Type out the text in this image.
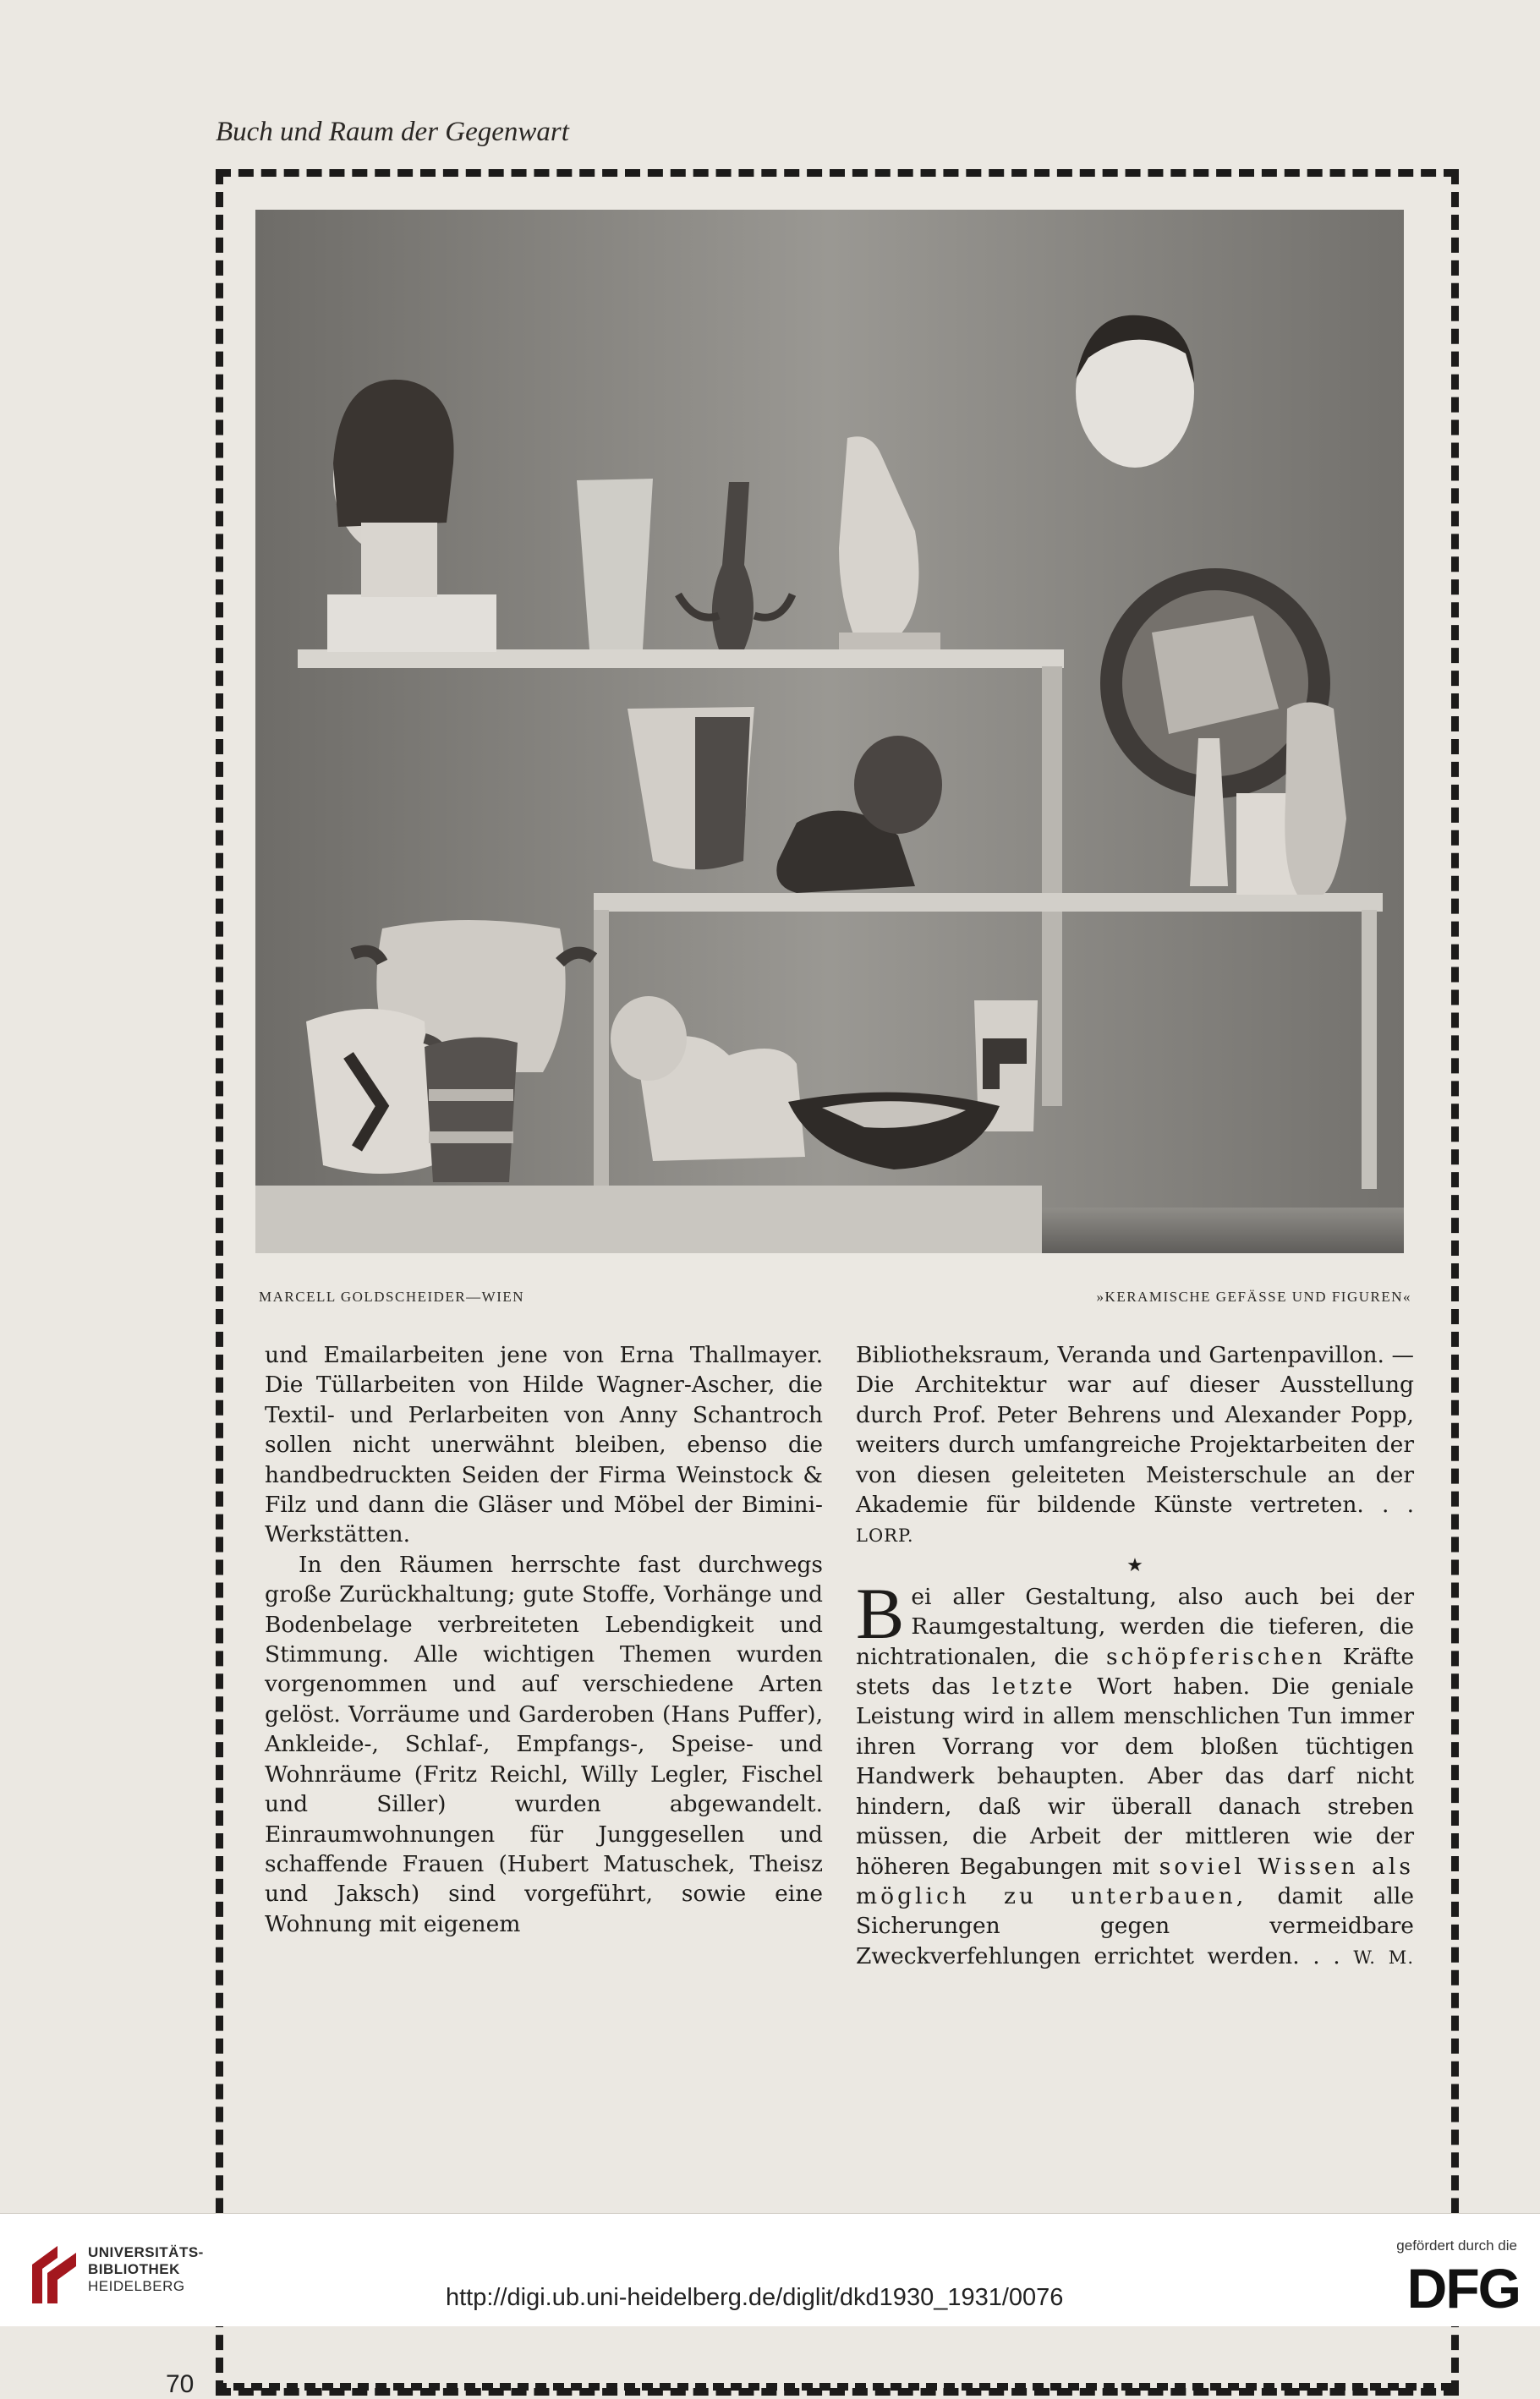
Buch und Raum der Gegenwart
70
MARCELL GOLDSCHEIDER—WIEN	»KERAMISCHE GEFÄSSE UND FIGUREN«

und Emailarbeiten jene von Erna Thallmayer. Die Tüllarbeiten von Hilde Wagner-Ascher, die Textil- und Perlarbeiten von Anny Schantroch sollen nicht unerwähnt bleiben, ebenso die handbedruckten Seiden der Firma Weinstock & Filz und dann die Gläser und Möbel der Bimini-Werkstätten.

In den Räumen herrschte fast durchwegs große Zurückhaltung; gute Stoffe, Vorhänge und Bodenbelage verbreiteten Lebendigkeit und Stimmung. Alle wichtigen Themen wurden vorgenommen und auf verschiedene Arten gelöst. Vorräume und Garderoben (Hans Puffer), Ankleide-, Schlaf-, Empfangs-, Speise- und Wohnräume (Fritz Reichl, Willy Legler, Fischel und Siller) wurden abgewandelt. Einraumwohnungen für Junggesellen und schaffende Frauen (Hubert Matuschek, Theisz und Jaksch) sind vorgeführt, sowie eine Wohnung mit eigenem

Bibliotheksraum, Veranda und Gartenpavillon. — Die Architektur war auf dieser Ausstellung durch Prof. Peter Behrens und Alexander Popp, weiters durch umfangreiche Projektarbeiten der von diesen geleiteten Meisterschule an der Akademie für bildende Künste vertreten. . . LORP.

★

Bei aller Gestaltung, also auch bei der Raumgestaltung, werden die tieferen, die nichtrationalen, die schöpferischen Kräfte stets das letzte Wort haben. Die geniale Leistung wird in allem menschlichen Tun immer ihren Vorrang vor dem bloßen tüchtigen Handwerk behaupten. Aber das darf nicht hindern, daß wir überall danach streben müssen, die Arbeit der mittleren wie der höheren Begabungen mit soviel Wissen als möglich zu unterbauen, damit alle Sicherungen gegen vermeidbare Zweckverfehlungen errichtet werden. . . W. M.

UNIVERSITÄTS-
BIBLIOTHEK
HEIDELBERG	http://digi.ub.uni-heidelberg.de/diglit/dkd1930_1931/0076
gefördert durch die
DFG
